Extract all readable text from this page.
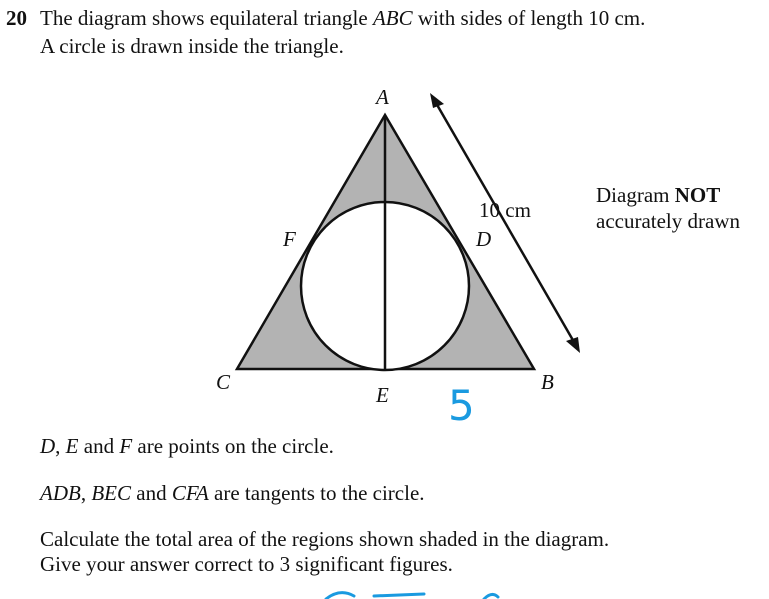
20 The diagram shows equilateral triangle ABC with sides of length 10 cm.
A circle is drawn inside the triangle.
A
C	B
F	D
E
10 cm
5
Diagram NOT
accurately drawn
D, E and F are points on the circle.
ADB, BEC and CFA are tangents to the circle.
Calculate the total area of the regions shown shaded in the diagram.
Give your answer correct to 3 significant figures.
